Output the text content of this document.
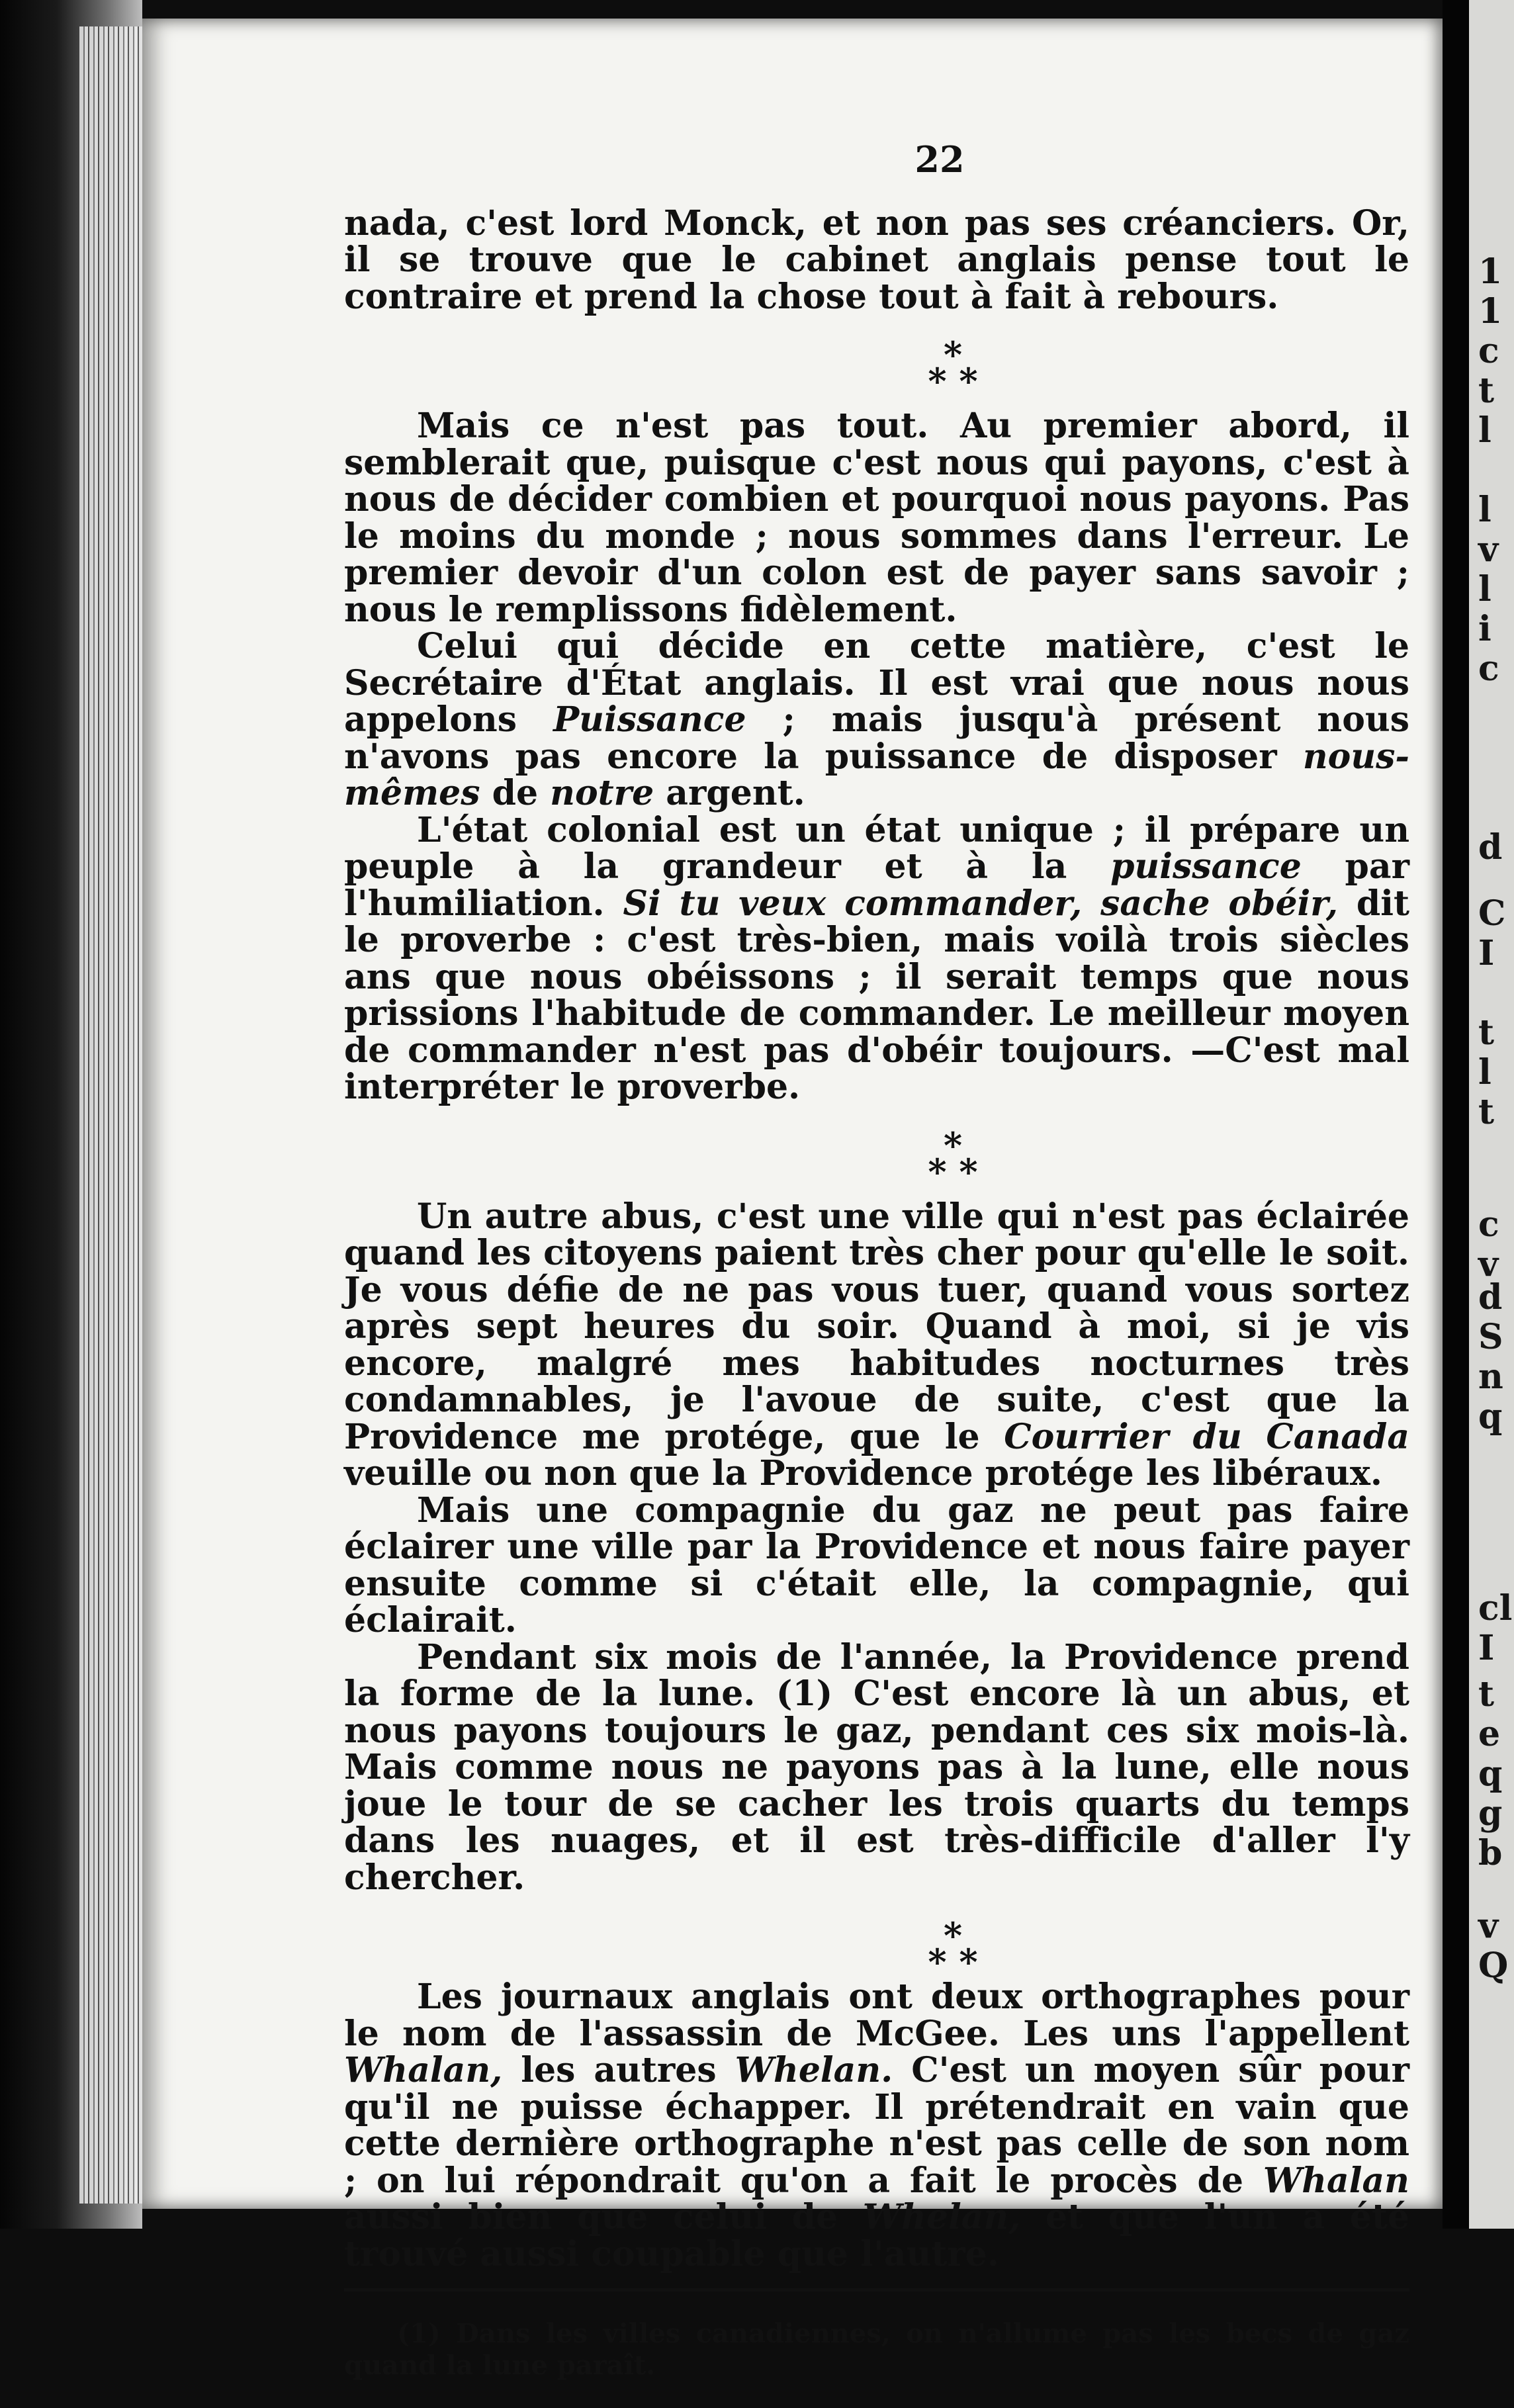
1
1
c
t
l
l
v
l
i
c
d
C
I
t
l
t
c
v
d
S
n
q
cl
I
t
e
q
g
b
v
Q
22

nada, c'est lord Monck, et non pas ses créanciers. Or, il se trouve que le cabinet anglais pense tout le contraire et prend la chose tout à fait à rebours.

*
* *

Mais ce n'est pas tout. Au premier abord, il semblerait que, puisque c'est nous qui payons, c'est à nous de décider combien et pourquoi nous payons. Pas le moins du monde ; nous sommes dans l'erreur. Le premier devoir d'un colon est de payer sans savoir ; nous le remplissons fidèlement.

Celui qui décide en cette matière, c'est le Secrétaire d'État anglais. Il est vrai que nous nous appelons Puissance ; mais jusqu'à présent nous n'avons pas encore la puissance de disposer nous-mêmes de notre argent.

L'état colonial est un état unique ; il prépare un peuple à la grandeur et à la puissance par l'humiliation. Si tu veux commander, sache obéir, dit le proverbe : c'est très-bien, mais voilà trois siècles ans que nous obéissons ; il serait temps que nous prissions l'habitude de commander. Le meilleur moyen de commander n'est pas d'obéir toujours. —C'est mal interpréter le proverbe.

*
* *

Un autre abus, c'est une ville qui n'est pas éclairée quand les citoyens paient très cher pour qu'elle le soit. Je vous défie de ne pas vous tuer, quand vous sortez après sept heures du soir. Quand à moi, si je vis encore, malgré mes habitudes nocturnes très condamnables, je l'avoue de suite, c'est que la Providence me protége, que le Courrier du Canada veuille ou non que la Providence protége les libéraux.

Mais une compagnie du gaz ne peut pas faire éclairer une ville par la Providence et nous faire payer ensuite comme si c'était elle, la compagnie, qui éclairait.

Pendant six mois de l'année, la Providence prend la forme de la lune. (1) C'est encore là un abus, et nous payons toujours le gaz, pendant ces six mois-là. Mais comme nous ne payons pas à la lune, elle nous joue le tour de se cacher les trois quarts du temps dans les nuages, et il est très-difficile d'aller l'y chercher.

*
* *

Les journaux anglais ont deux orthographes pour le nom de l'assassin de McGee. Les uns l'appellent Whalan, les autres Whelan. C'est un moyen sûr pour qu'il ne puisse échapper. Il prétendrait en vain que cette dernière orthographe n'est pas celle de son nom ; on lui répondrait qu'on a fait le procès de Whalan aussi bien que celui de Whelan, et que l'un a été trouvé aussi coupable que l'autre.

(1) Dans les villes canadiennes, on n'allume pas les becs de gaz quand la lune paraît.
